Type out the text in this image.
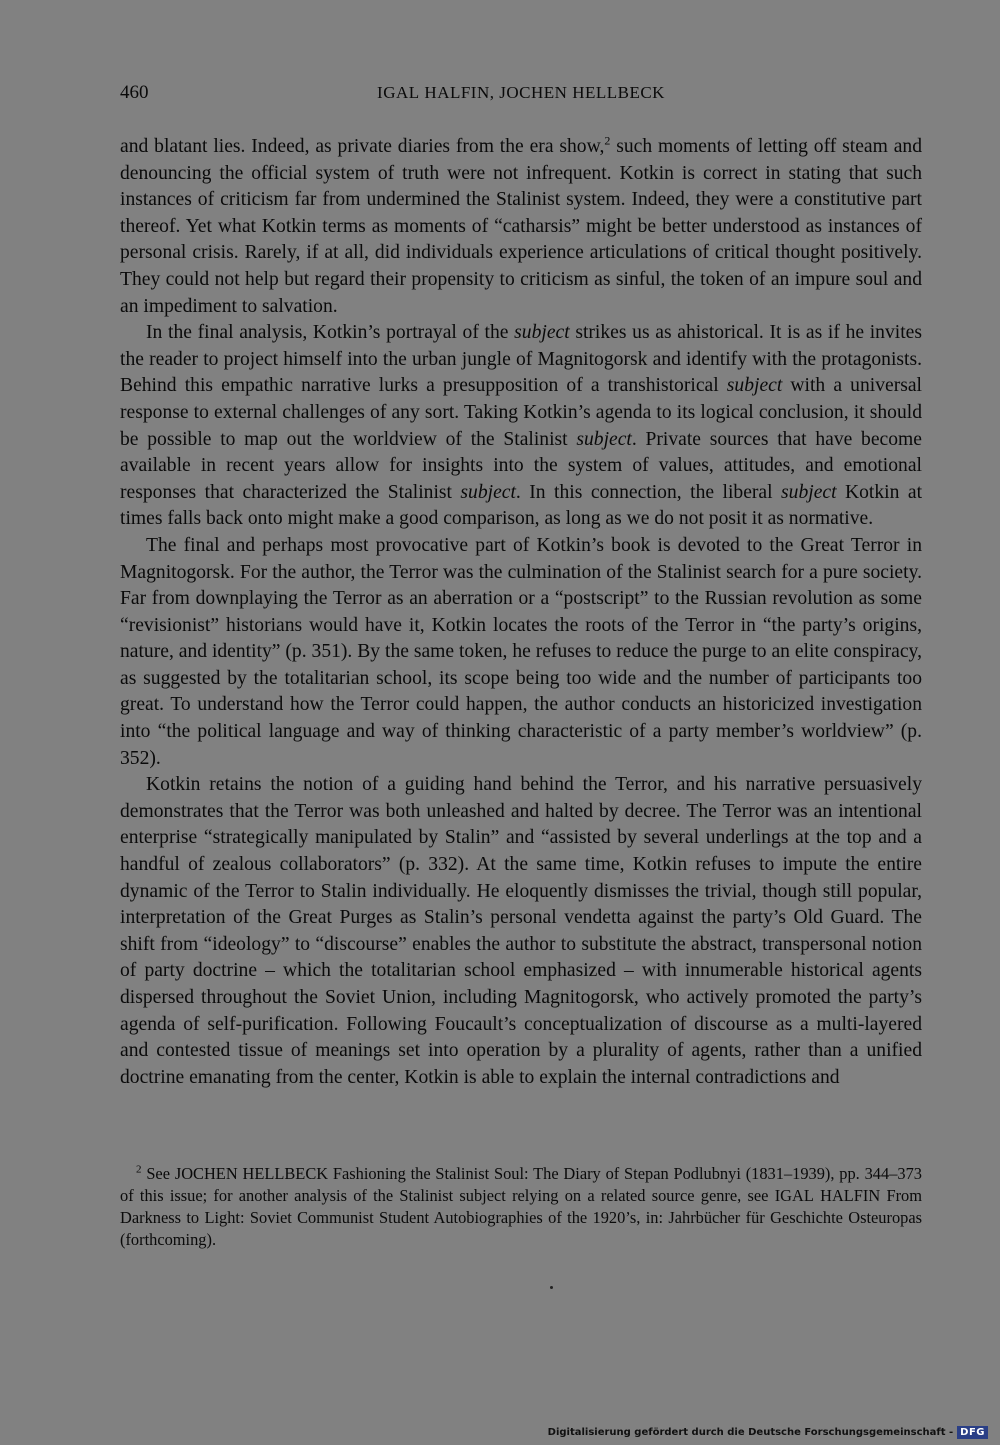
460	IGAL HALFIN, JOCHEN HELLBECK

and blatant lies. Indeed, as private diaries from the era show,$^2$ such moments of letting off steam and denouncing the official system of truth were not infrequent. Kotkin is correct in stating that such instances of criticism far from undermined the Stalinist system. Indeed, they were a constitutive part thereof. Yet what Kotkin terms as moments of “catharsis” might be better understood as instances of personal crisis. Rarely, if at all, did individuals experience articulations of critical thought positively. They could not help but regard their propensity to criticism as sinful, the token of an impure soul and an impediment to salvation.

In the final analysis, Kotkin’s portrayal of the subject strikes us as ahistorical. It is as if he invites the reader to project himself into the urban jungle of Magnitogorsk and identify with the protagonists. Behind this empathic narrative lurks a presupposition of a transhistorical subject with a universal response to external challenges of any sort. Taking Kotkin’s agenda to its logical conclusion, it should be possible to map out the worldview of the Stalinist subject. Private sources that have become available in recent years allow for insights into the system of values, attitudes, and emotional responses that characterized the Stalinist subject. In this connection, the liberal subject Kotkin at times falls back onto might make a good comparison, as long as we do not posit it as normative.

The final and perhaps most provocative part of Kotkin’s book is devoted to the Great Terror in Magnitogorsk. For the author, the Terror was the culmination of the Stalinist search for a pure society. Far from downplaying the Terror as an aberration or a “postscript” to the Russian revolution as some “revisionist” historians would have it, Kotkin locates the roots of the Terror in “the party’s origins, nature, and identity” (p. 351). By the same token, he refuses to reduce the purge to an elite conspiracy, as suggested by the totalitarian school, its scope being too wide and the number of participants too great. To understand how the Terror could happen, the author conducts an historicized investigation into “the political language and way of thinking characteristic of a party member’s worldview” (p. 352).

Kotkin retains the notion of a guiding hand behind the Terror, and his narrative persuasively demonstrates that the Terror was both unleashed and halted by decree. The Terror was an intentional enterprise “strategically manipulated by Stalin” and “assisted by several underlings at the top and a handful of zealous collaborators” (p. 332). At the same time, Kotkin refuses to impute the entire dynamic of the Terror to Stalin individually. He eloquently dismisses the trivial, though still popular, interpretation of the Great Purges as Stalin’s personal vendetta against the party’s Old Guard. The shift from “ideology” to “discourse” enables the author to substitute the abstract, transpersonal notion of party doctrine – which the totalitarian school emphasized – with innumerable historical agents dispersed throughout the Soviet Union, including Magnitogorsk, who actively promoted the party’s agenda of self-purification. Following Foucault’s conceptualization of discourse as a multi-layered and contested tissue of meanings set into operation by a plurality of agents, rather than a unified doctrine emanating from the center, Kotkin is able to explain the internal contradictions and

$^2$ See JOCHEN HELLBECK Fashioning the Stalinist Soul: The Diary of Stepan Podlubnyi (1831–1939), pp. 344–373 of this issue; for another analysis of the Stalinist subject relying on a related source genre, see IGAL HALFIN From Darkness to Light: Soviet Communist Student Autobiographies of the 1920’s, in: Jahrbücher für Geschichte Osteuropas (forthcoming).

Digitalisierung gefördert durch die Deutsche Forschungsgemeinschaft - DFG
